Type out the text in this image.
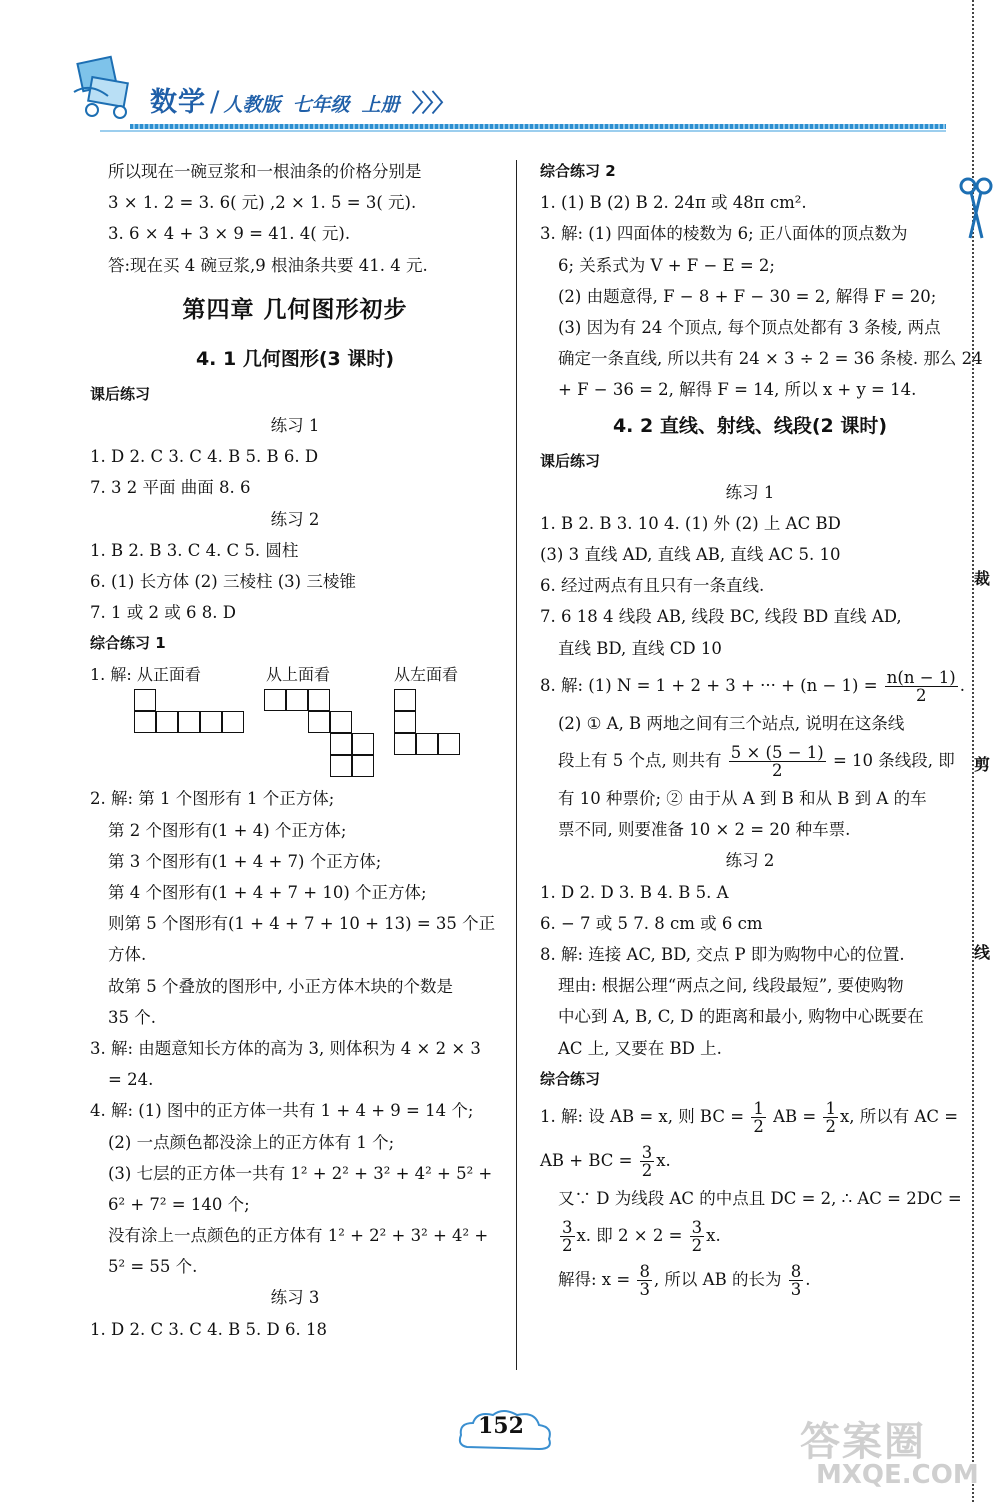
数学 / 人教版 七年级 上册 〉〉〉
所以现在一碗豆浆和一根油条的价格分别是
3 × 1. 2 = 3. 6( 元) ,2 × 1. 5 = 3( 元).
3. 6 × 4 + 3 × 9 = 41. 4( 元).
答:现在买 4 碗豆浆,9 根油条共要 41. 4 元.
第四章 几何图形初步
4. 1 几何图形(3 课时)
课后练习
练习 1
1. D 2. C 3. C 4. B 5. B 6. D
7. 3 2 平面 曲面 8. 6
练习 2
1. B 2. B 3. C 4. C 5. 圆柱
6. (1) 长方体 (2) 三棱柱 (3) 三棱锥
7. 1 或 2 或 6 8. D
综合练习 1
1. 解: 从正面看	从上面看	从左面看
2. 解: 第 1 个图形有 1 个正方体;
第 2 个图形有(1 + 4) 个正方体;
第 3 个图形有(1 + 4 + 7) 个正方体;
第 4 个图形有(1 + 4 + 7 + 10) 个正方体;
则第 5 个图形有(1 + 4 + 7 + 10 + 13) = 35 个正
方体.
故第 5 个叠放的图形中, 小正方体木块的个数是
35 个.
3. 解: 由题意知长方体的高为 3, 则体积为 4 × 2 × 3
= 24.
4. 解: (1) 图中的正方体一共有 1 + 4 + 9 = 14 个;
(2) 一点颜色都没涂上的正方体有 1 个;
(3) 七层的正方体一共有 1² + 2² + 3² + 4² + 5² +
6² + 7² = 140 个;
没有涂上一点颜色的正方体有 1² + 2² + 3² + 4² +
5² = 55 个.
练习 3
1. D 2. C 3. C 4. B 5. D 6. 18
综合练习 2
1. (1) B (2) B 2. 24π 或 48π cm².
3. 解: (1) 四面体的棱数为 6; 正八面体的顶点数为
6; 关系式为 V + F − E = 2;
(2) 由题意得, F − 8 + F − 30 = 2, 解得 F = 20;
(3) 因为有 24 个顶点, 每个顶点处都有 3 条棱, 两点
确定一条直线, 所以共有 24 × 3 ÷ 2 = 36 条棱. 那么 24
+ F − 36 = 2, 解得 F = 14, 所以 x + y = 14.
4. 2 直线、射线、线段(2 课时)
课后练习
练习 1
1. B 2. B 3. 10 4. (1) 外 (2) 上 AC BD
(3) 3 直线 AD, 直线 AB, 直线 AC 5. 10
6. 经过两点有且只有一条直线.
7. 6 18 4 线段 AB, 线段 BC, 线段 BD 直线 AD,
直线 BD, 直线 CD 10
8. 解: (1) N = 1 + 2 + 3 + ··· + $(n - 1) = \frac{n(n - 1)}{2}$ .
(2) ① A, B 两地之间有三个站点, 说明在这条线
段上有 5 个点, 则共有 $\frac{5 \times (5 - 1)}{2} = 10$ 条线段, 即
有 10 种票价; ② 由于从 A 到 B 和从 B 到 A 的车
票不同, 则要准备 10 × 2 = 20 种车票.
练习 2
1. D 2. D 3. B 4. B 5. A
6. − 7 或 5 7. 8 cm 或 6 cm
8. 解: 连接 AC, BD, 交点 P 即为购物中心的位置.
理由: 根据公理“两点之间, 线段最短”, 要使购物
中心到 A, B, C, D 的距离和最小, 购物中心既要在
AC 上, 又要在 BD 上.
综合练习
1. 解: 设 AB = x, 则 BC = $\frac{1}{2}$ AB = $\frac{1}{2} x$, 所以有 AC =
AB + BC = $\frac{3}{2} x$.
又∵ D 为线段 AC 的中点且 DC = 2, ∴ AC = 2DC =
$\frac{3}{2} x$. 即 $2 \times 2 = \frac{3}{2} x$.
解得: $x = \frac{8}{3}$ , 所以 AB 的长为 $\frac{8}{3}$ .
裁
剪
线
152	答案圈
MXQE.COM
